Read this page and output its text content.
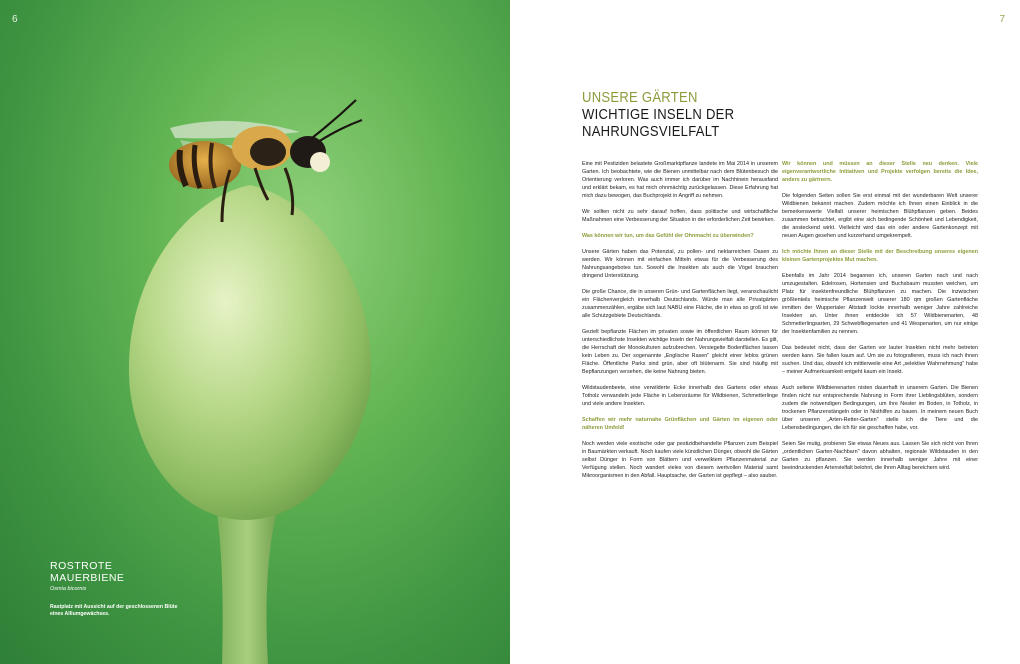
6
ROSTROTE MAUERBIENE
Osmia bicornis
Rastplatz mit Aussicht auf der geschlossenen Blüte eines Alliumgewächses.
7
UNSERE GÄRTEN
WICHTIGE INSELN DER
NAHRUNGSVIELFALT

Eine mit Pestiziden belastete Großmarktpflanze landete im Mai 2014 in unserem Garten. Ich beobachtete, wie die Bienen unmittelbar nach dem Blütenbesuch die Orientierung verloren. Was auch immer ich darüber im Nachhinein herausfand und erklärt bekam, es hat mich ohnmächtig zurückgelassen. Diese Erfahrung hat mich dazu bewogen, das Buchprojekt in Angriff zu nehmen.

Wir sollten nicht zu sehr darauf hoffen, dass politische und wirtschaftliche Maßnahmen eine Verbesserung der Situation in der erforderlichen Zeit bewirken.

Was können wir tun, um das Gefühl der Ohnmacht zu überwinden?

Unsere Gärten haben das Potenzial, zu pollen- und nektarreichen Oasen zu werden. Wir können mit einfachen Mitteln etwas für die Verbesserung des Nahrungsangebotes tun. Sowohl die Insekten als auch die Vögel brauchen dringend Unterstützung.

Die große Chance, die in unseren Grün- und Gartenflächen liegt, veranschaulicht ein Flächenvergleich innerhalb Deutschlands. Würde man alle Privatgärten zusammenzählen, ergäbe sich laut NABU eine Fläche, die in etwa so groß ist wie alle Schutzgebiete Deutschlands.

Gezielt bepflanzte Flächen im privaten sowie im öffentlichen Raum können für unterschiedlichste Insekten wichtige Inseln der Nahrungsvielfalt darstellen. Es gilt, die Herrschaft der Monokulturen aufzubrechen. Versiegelte Bodenflächen lassen kein Leben zu. Der sogenannte „Englische Rasen" gleicht einer leblos grünen Fläche. Öffentliche Parks sind grün, aber oft blütenarm. Sie sind häufig mit Bepflanzungen versehen, die keine Nahrung bieten.

Wildstaudenbeete, eine verwilderte Ecke innerhalb des Gartens oder etwas Totholz verwandeln jede Fläche in Lebensräume für Wildbienen, Schmetterlinge und viele andere Insekten.

Schaffen wir mehr naturnahe Grünflächen und Gärten im eigenen oder näheren Umfeld!

Noch werden viele exotische oder gar pestizidbehandelte Pflanzen zum Beispiel in Baumärkten verkauft. Noch kaufen viele künstlichen Dünger, obwohl die Gärten selbst Dünger in Form von Blättern und verwelktem Pflanzenmaterial zur Verfügung stellen. Noch wandert vieles von diesem wertvollen Material samt Mikroorganismen in den Abfall. Hauptsache, der Garten ist gepflegt – also sauber.

Wir können und müssen an dieser Stelle neu denken. Viele eigenverantwortliche Initiativen und Projekte verfolgen bereits die Idee, anders zu gärtnern.

Die folgenden Seiten sollen Sie erst einmal mit der wunderbaren Welt unserer Wildbienen bekannt machen. Zudem möchte ich Ihnen einen Einblick in die bemerkenswerte Vielfalt unserer heimischen Blühpflanzen geben. Beides zusammen betrachtet, ergibt eine sich bedingende Schönheit und Lebendigkeit, die ansteckend wirkt. Vielleicht wird das ein oder andere Gartenkonzept mit neuen Augen gesehen und kurzerhand umgekrempelt.

Ich möchte Ihnen an dieser Stelle mit der Beschreibung unseres eigenen kleinen Gartenprojektes Mut machen.

Ebenfalls im Jahr 2014 begannen ich, unseren Garten nach und nach umzugestalten. Edelrosen, Hortensien und Buchsbaum mussten weichen, um Platz für insektenfreundliche Blühpflanzen zu machen. Die inzwischen größtenteils heimische Pflanzenwelt unserer 180 qm großen Gartenfläche inmitten der Wuppertaler Altstadt lockte innerhalb weniger Jahre zahlreiche Insekten an. Unter ihnen entdeckte ich 57 Wildbienenarten, 48 Schmetterlingsarten, 29 Schwebfliegenarten und 41 Wespenarten, um nur einige der Insektenfamilien zu nennen.

Das bedeutet nicht, dass der Garten vor lauter Insekten nicht mehr betreten werden kann. Sie fallen kaum auf. Um sie zu fotografieren, muss ich nach ihnen suchen. Und das, obwohl ich mittlerweile eine Art „selektive Wahrnehmung" habe – meiner Aufmerksamkeit entgeht kaum ein Insekt.

Auch seltene Wildbienenarten nisten dauerhaft in unserem Garten. Die Bienen finden nicht nur entsprechende Nahrung in Form ihrer Lieblingsblüten, sondern zudem die notwendigen Bedingungen, um ihre Nester im Boden, in Totholz, in trockenen Pflanzenstängeln oder in Nisthilfen zu bauen. In meinem neuen Buch über unseren „Arten-Retter-Garten" stelle ich die Tiere und die Lebensbedingungen, die ich für sie geschaffen habe, vor.

Seien Sie mutig, probieren Sie etwas Neues aus. Lassen Sie sich nicht von Ihren „ordentlichen Garten-Nachbarn" davon abhalten, regionale Wildstauden in den Garten zu pflanzen. Sie werden innerhalb weniger Jahre mit einer beeindruckenden Artenvielfalt belohnt, die Ihren Alltag bereichern wird.
